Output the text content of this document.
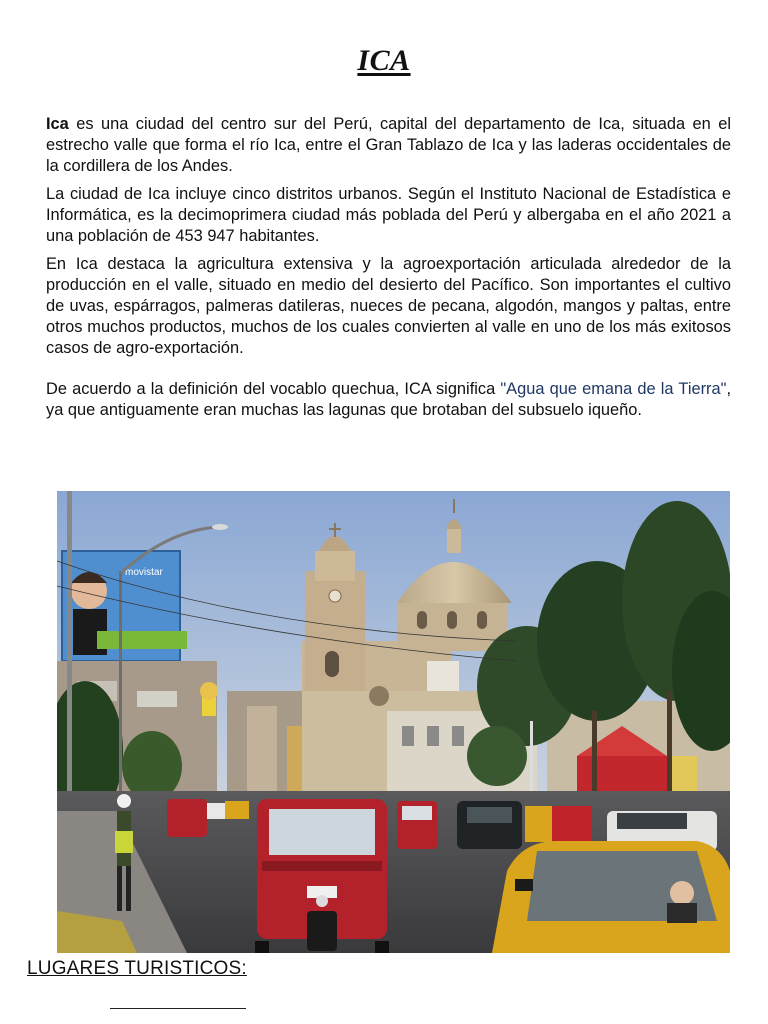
ICA

Ica es una ciudad del centro sur del Perú, capital del departamento de Ica, situada en el estrecho valle que forma el río Ica, entre el Gran Tablazo de Ica y las laderas occidentales de la cordillera de los Andes.

La ciudad de Ica incluye cinco distritos urbanos. Según el Instituto Nacional de Estadística e Informática, es la decimoprimera ciudad más poblada del Perú y albergaba en el año 2021 a una población de 453 947 habitantes.

En Ica destaca la agricultura extensiva y la agroexportación articulada alrededor de la producción en el valle, situado en medio del desierto del Pacífico. Son importantes el cultivo de uvas, espárragos, palmeras datileras, nueces de pecana, algodón, mangos y paltas, entre otros muchos productos, muchos de los cuales convierten al valle en uno de los más exitosos casos de agro-exportación.

De acuerdo a la definición del vocablo quechua, ICA significa "Agua que emana de la Tierra", ya que antiguamente eran muchas las lagunas que brotaban del subsuelo iqueño.

movistar
LUGARES TURISTICOS:
